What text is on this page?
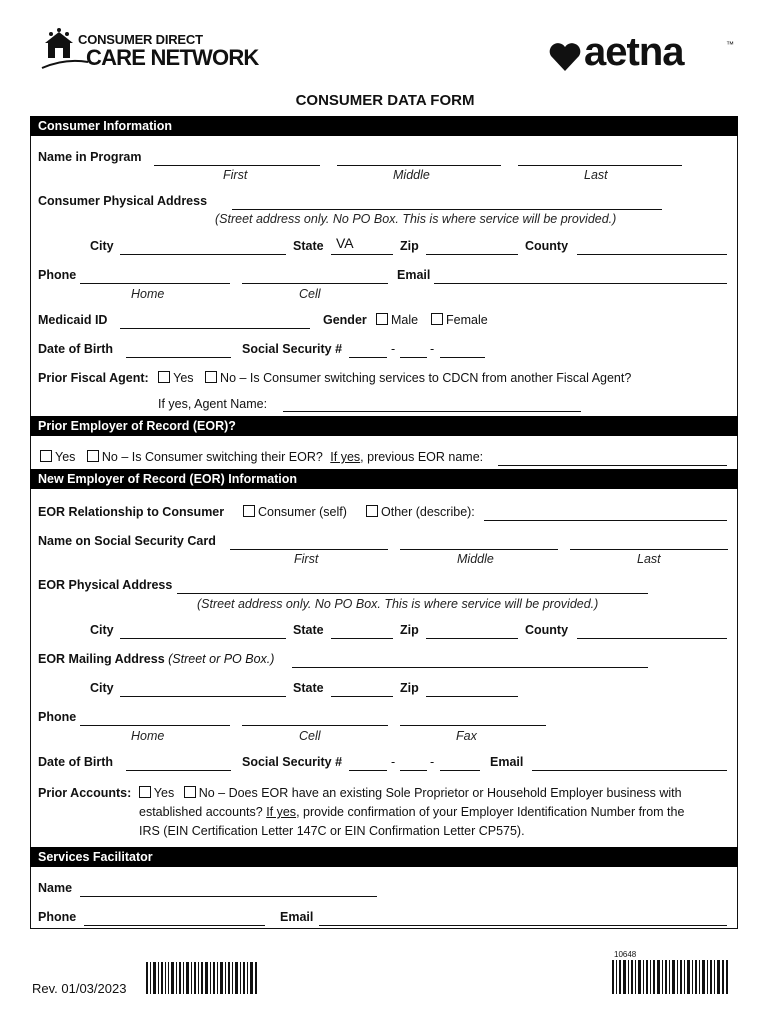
CONSUMER DIRECT
CARE NETWORK	aetna	™
CONSUMER DATA FORM
Consumer Information
Name in Program
First	Middle	Last
Consumer Physical Address
(Street address only. No PO Box. This is where service will be provided.)
City	State VA	Zip	County
Phone	Email
Home	Cell
Medicaid ID	Gender	Male	Female
Date of Birth	Social Security #	-	-
Prior Fiscal Agent: Yes No – Is Consumer switching services to CDCN from another Fiscal Agent?
If yes, Agent Name:
Prior Employer of Record (EOR)?
Yes No – Is Consumer switching their EOR? If yes, previous EOR name:
New Employer of Record (EOR) Information
EOR Relationship to Consumer	Consumer (self)	Other (describe):
Name on Social Security Card
First	Middle	Last
EOR Physical Address
(Street address only. No PO Box. This is where service will be provided.)
City	State	Zip	County
EOR Mailing Address (Street or PO Box.)
City	State	Zip
Phone
Home	Cell	Fax
Date of Birth	Social Security #	-	-	Email
Prior Accounts: Yes No – Does EOR have an existing Sole Proprietor or Household Employer business with
established accounts? If yes, provide confirmation of your Employer Identification Number from the
IRS (EIN Certification Letter 147C or EIN Confirmation Letter CP575).
Services Facilitator
Name
Phone	Email
Rev. 01/03/2023
10648
